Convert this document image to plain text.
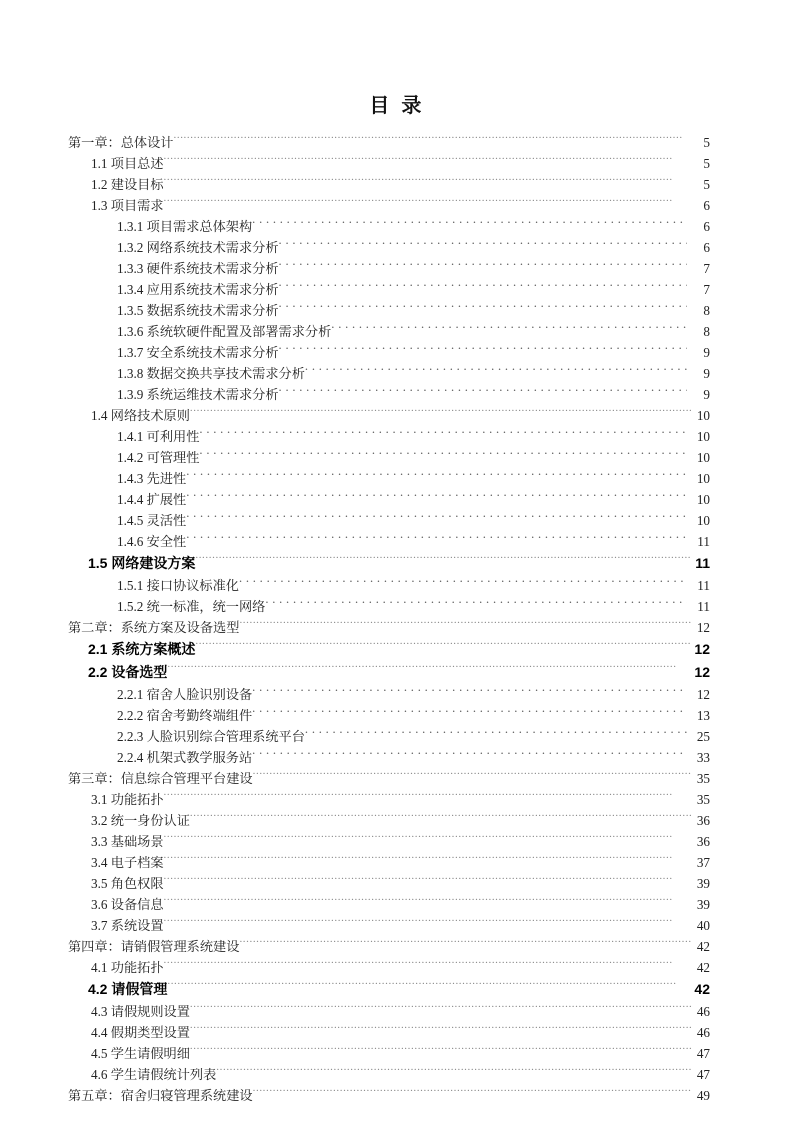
目 录
第一章：总体设计 .....	5
1.1 项目总述 .....	5
1.2 建设目标 .....	5
1.3 项目需求 .....	6
1.3.1 项目需求总体架构 . . .	6
1.3.2 网络系统技术需求分析 . . .	6
1.3.3 硬件系统技术需求分析 . . .	7
1.3.4 应用系统技术需求分析 . . .	7
1.3.5 数据系统技术需求分析 . . .	8
1.3.6 系统软硬件配置及部署需求分析 . . .	8
1.3.7 安全系统技术需求分析 . . .	9
1.3.8 数据交换共享技术需求分析 . . .	9
1.3.9 系统运维技术需求分析 . . .	9
1.4 网络技术原则 .....	10
1.4.1 可利用性 . . .	10
1.4.2 可管理性 . . .	10
1.4.3 先进性 . . .	10
1.4.4 扩展性 . . .	10
1.4.5 灵活性 . . .	10
1.4.6 安全性 . . .	11
1.5 网络建设方案 .....	11
1.5.1 接口协议标准化 . . .	11
1.5.2 统一标准，统一网络 . . .	11
第二章：系统方案及设备选型 .....	12
2.1 系统方案概述 .....	12
2.2 设备选型 .....	12
2.2.1 宿舍人脸识别设备 . . .	12
2.2.2 宿舍考勤终端组件 . . .	13
2.2.3 人脸识别综合管理系统平台 . . .	25
2.2.4 机架式教学服务站 . . .	33
第三章：信息综合管理平台建设 .....	35
3.1 功能拓扑 .....	35
3.2 统一身份认证 .....	36
3.3 基础场景 .....	36
3.4 电子档案 .....	37
3.5 角色权限 .....	39
3.6 设备信息 .....	39
3.7 系统设置 .....	40
第四章：请销假管理系统建设 .....	42
4.1 功能拓扑 .....	42
4.2 请假管理 .....	42
4.3 请假规则设置 .....	46
4.4 假期类型设置 .....	46
4.5 学生请假明细 .....	47
4.6 学生请假统计列表 .....	47
第五章：宿舍归寝管理系统建设 .....	49
